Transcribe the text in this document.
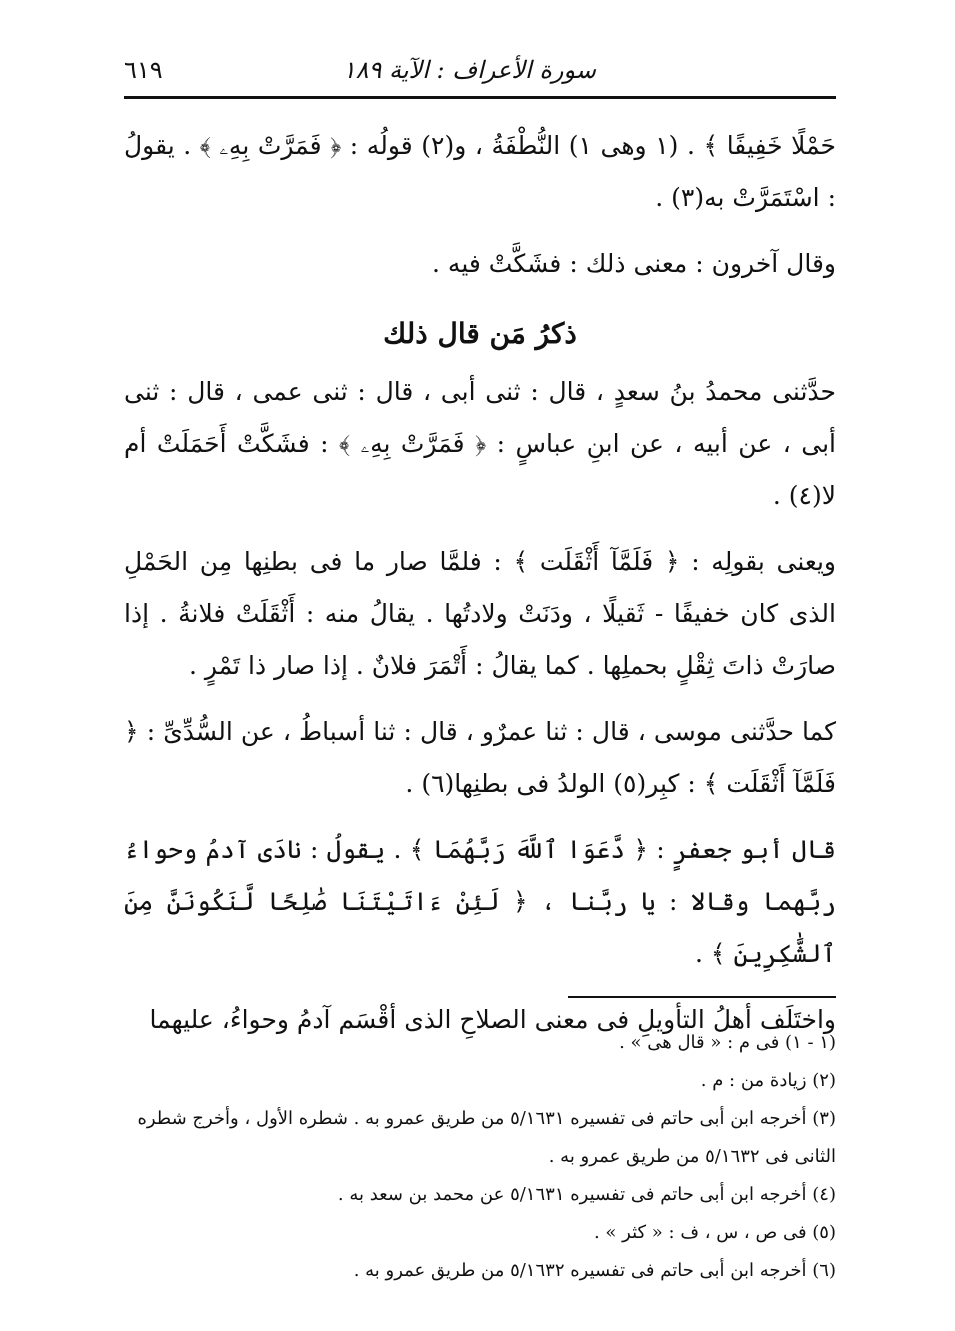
سورة الأعراف : الآية ١٨٩
٦١٩

حَمْلًا خَفِيفًا ﴾ . (١ وهى ١) النُّطْفَةُ ، و(٢) قولُه : ﴿ فَمَرَّتْ بِهِۦ ﴾ . يقولُ : اسْتَمَرَّتْ به(٣) .

وقال آخرون : معنى ذلك : فشَكَّتْ فيه .

ذكرُ مَن قال ذلك

حدَّثنى محمدُ بنُ سعدٍ ، قال : ثنى أبى ، قال : ثنى عمى ، قال : ثنى أبى ، عن أبيه ، عن ابنِ عباسٍ : ﴿ فَمَرَّتْ بِهِۦ ﴾ : فشَكَّتْ أَحَمَلَتْ أم لا(٤) .

ويعنى بقولِه : ﴿ فَلَمَّآ أَثْقَلَت ﴾ : فلمَّا صار ما فى بطنِها مِن الحَمْلِ الذى كان خفيفًا - ثَقيلًا ، ودَنَتْ ولادتُها . يقالُ منه : أَثْقَلَتْ فلانةُ . إذا صارَتْ ذاتَ ثِقْلٍ بحملِها . كما يقالُ : أَتْمَرَ فلانٌ . إذا صار ذا تَمْرٍ .

كما حدَّثنى موسى ، قال : ثنا عمرٌو ، قال : ثنا أسباطُ ، عن السُّدِّىِّ : ﴿ فَلَمَّآ أَثْقَلَت ﴾ : كبِر(٥) الولدُ فى بطنِها(٦) .

قال أبو جعفرٍ : ﴿ دَّعَوَا ٱللَّهَ رَبَّهُمَا ﴾ . يقولُ : نادَى آدمُ وحواءُ ربَّهما وقالا : يا ربَّنا ، ﴿ لَئِنْ ءَاتَيْتَنَا صَٰلِحًا لَّنَكُونَنَّ مِنَ ٱلشَّٰكِرِينَ ﴾ .

واختَلَف أهلُ التأويلِ فى معنى الصلاحِ الذى أقْسَم آدمُ وحواءُ، عليهما

(١ - ١) فى م : « قال هى » .

(٢) زيادة من : م .

(٣) أخرجه ابن أبى حاتم فى تفسيره ٥/١٦٣١ من طريق عمرو به . شطره الأول ، وأخرج شطره الثانى فى ٥/١٦٣٢ من طريق عمرو به .

(٤) أخرجه ابن أبى حاتم فى تفسيره ٥/١٦٣١ عن محمد بن سعد به .

(٥) فى ص ، س ، ف : « كثر » .

(٦) أخرجه ابن أبى حاتم فى تفسيره ٥/١٦٣٢ من طريق عمرو به .
